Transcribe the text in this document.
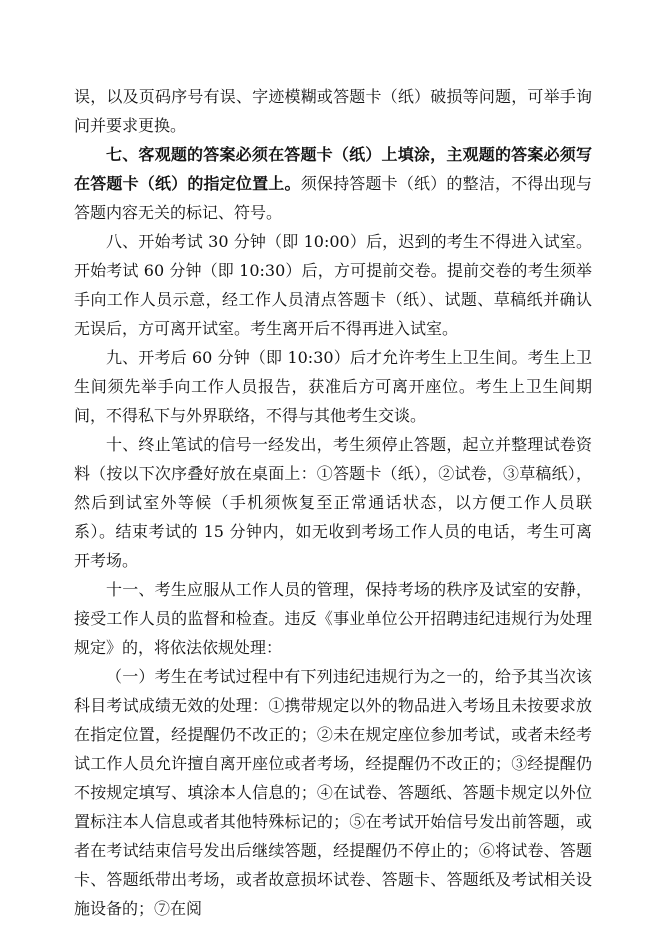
误，以及页码序号有误、字迹模糊或答题卡（纸）破损等问题，可举手询问并要求更换。

七、客观题的答案必须在答题卡（纸）上填涂，主观题的答案必须写在答题卡（纸）的指定位置上。须保持答题卡（纸）的整洁，不得出现与答题内容无关的标记、符号。

八、开始考试 30 分钟（即 10:00）后，迟到的考生不得进入试室。开始考试 60 分钟（即 10:30）后，方可提前交卷。提前交卷的考生须举手向工作人员示意，经工作人员清点答题卡（纸）、试题、草稿纸并确认无误后，方可离开试室。考生离开后不得再进入试室。

九、开考后 60 分钟（即 10:30）后才允许考生上卫生间。考生上卫生间须先举手向工作人员报告，获准后方可离开座位。考生上卫生间期间，不得私下与外界联络，不得与其他考生交谈。

十、终止笔试的信号一经发出，考生须停止答题，起立并整理试卷资料（按以下次序叠好放在桌面上：①答题卡（纸），②试卷，③草稿纸），然后到试室外等候（手机须恢复至正常通话状态，以方便工作人员联系）。结束考试的 15 分钟内，如无收到考场工作人员的电话，考生可离开考场。

十一、考生应服从工作人员的管理，保持考场的秩序及试室的安静，接受工作人员的监督和检查。违反《事业单位公开招聘违纪违规行为处理规定》的，将依法依规处理：

（一）考生在考试过程中有下列违纪违规行为之一的，给予其当次该科目考试成绩无效的处理：①携带规定以外的物品进入考场且未按要求放在指定位置，经提醒仍不改正的；②未在规定座位参加考试，或者未经考试工作人员允许擅自离开座位或者考场，经提醒仍不改正的；③经提醒仍不按规定填写、填涂本人信息的；④在试卷、答题纸、答题卡规定以外位置标注本人信息或者其他特殊标记的；⑤在考试开始信号发出前答题，或者在考试结束信号发出后继续答题，经提醒仍不停止的；⑥将试卷、答题卡、答题纸带出考场，或者故意损坏试卷、答题卡、答题纸及考试相关设施设备的；⑦在阅
